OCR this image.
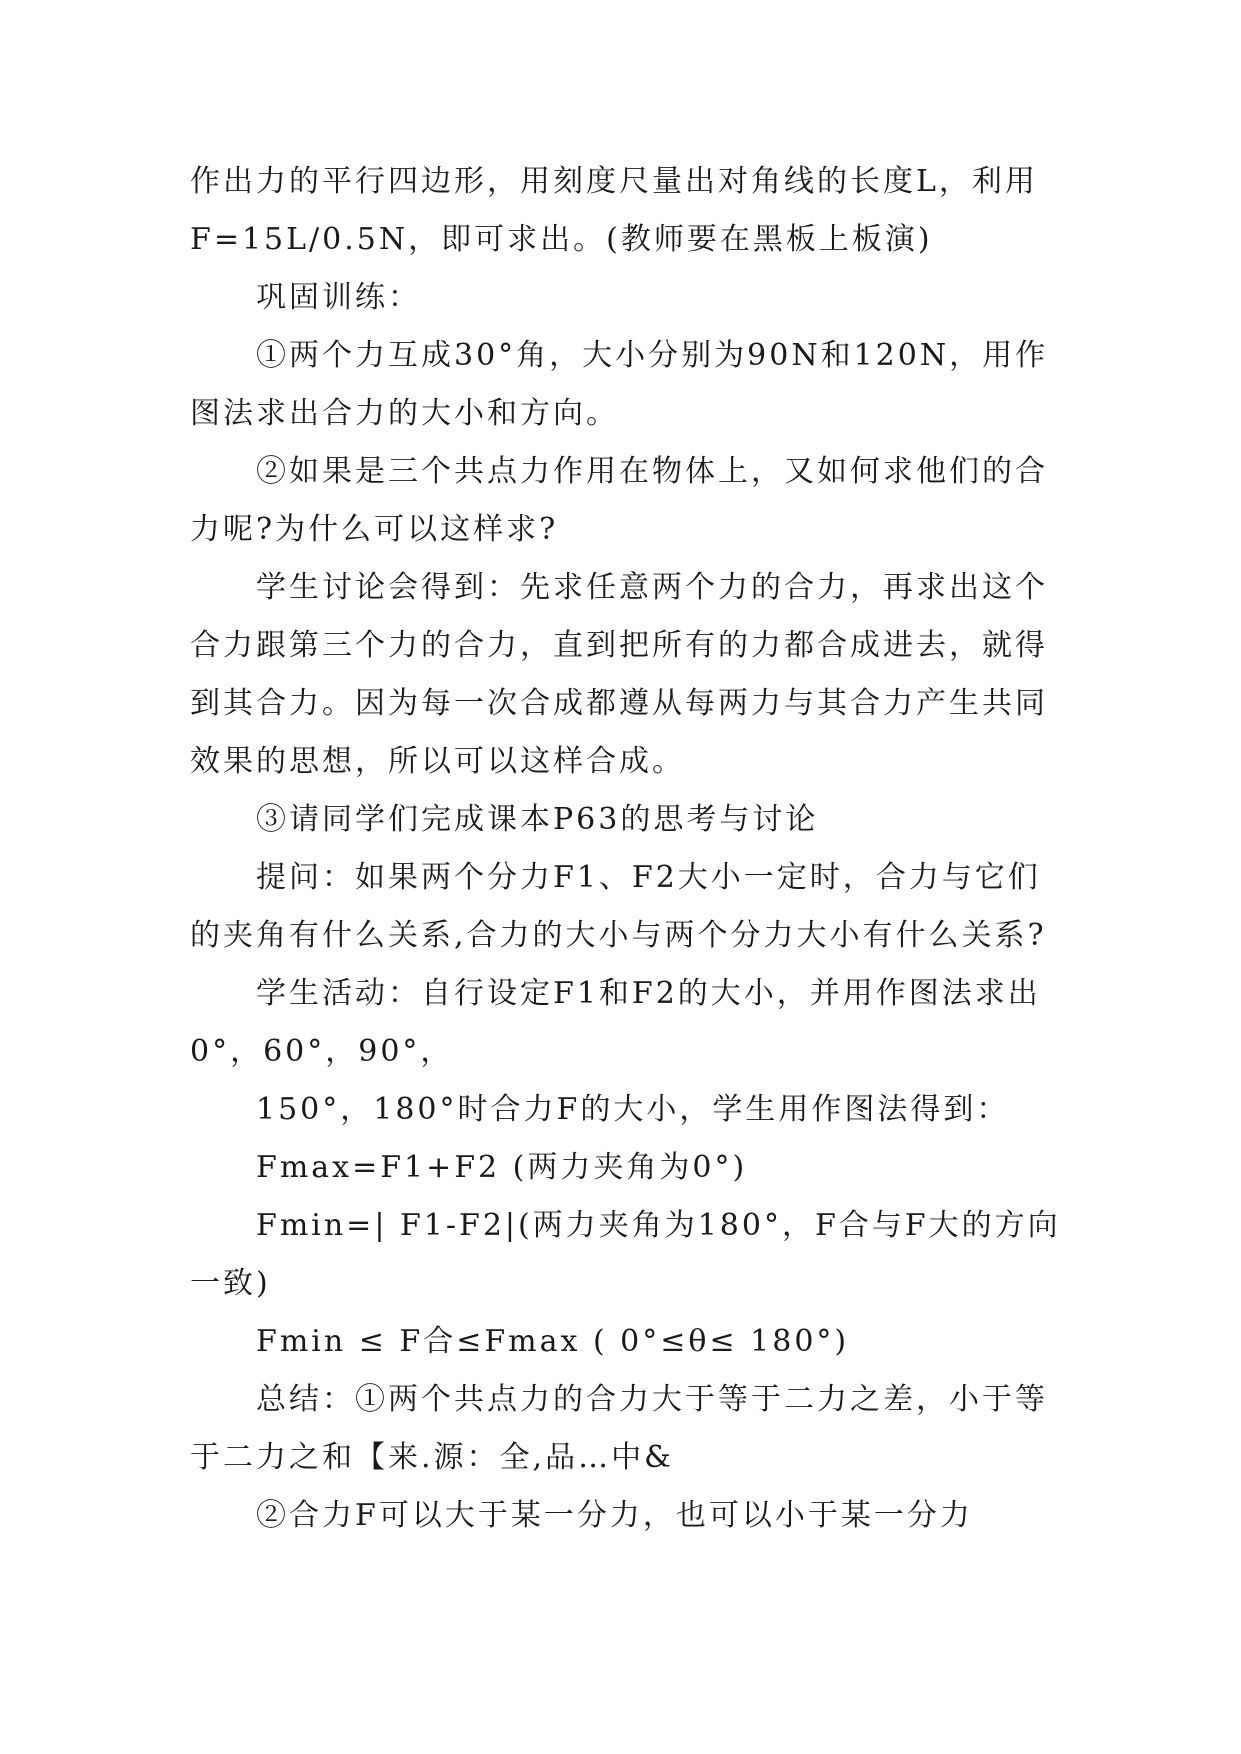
作出力的平行四边形，用刻度尺量出对角线的长度L，利用
F=15L/0.5N，即可求出。(教师要在黑板上板演)
巩固训练：
①两个力互成30°角，大小分别为90N和120N，用作
图法求出合力的大小和方向。
②如果是三个共点力作用在物体上，又如何求他们的合
力呢?为什么可以这样求?
学生讨论会得到：先求任意两个力的合力，再求出这个
合力跟第三个力的合力，直到把所有的力都合成进去，就得
到其合力。因为每一次合成都遵从每两力与其合力产生共同
效果的思想，所以可以这样合成。
③请同学们完成课本P63的思考与讨论
提问：如果两个分力F1、F2大小一定时，合力与它们
的夹角有什么关系,合力的大小与两个分力大小有什么关系?
学生活动：自行设定F1和F2的大小，并用作图法求出
0°，60°，90°，
150°，180°时合力F的大小，学生用作图法得到：
Fmax=F1+F2 (两力夹角为0°)
Fmin=| F1-F2|(两力夹角为180°，F合与F大的方向
一致)
Fmin ≤ F合≤Fmax ( 0°≤θ≤ 180°)
总结：①两个共点力的合力大于等于二力之差，小于等
于二力之和【来.源：全,品…中&
②合力F可以大于某一分力，也可以小于某一分力
